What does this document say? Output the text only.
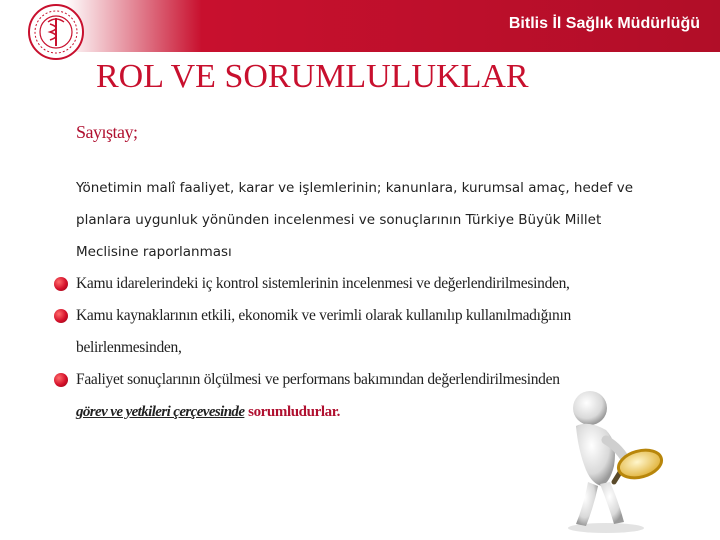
Bitlis İl Sağlık Müdürlüğü
ROL VE SORUMLULUKLAR
Sayıştay;

Yönetimin malî faaliyet, karar ve işlemlerinin; kanunlara, kurumsal amaç, hedef ve

planlara uygunluk yönünden incelenmesi ve sonuçlarının Türkiye Büyük Millet

Meclisine raporlanması

Kamu idarelerindeki iç kontrol sistemlerinin incelenmesi ve değerlendirilmesinden,
Kamu kaynaklarının etkili, ekonomik ve verimli olarak kullanılıp kullanılmadığının
belirlenmesinden,
Faaliyet sonuçlarının ölçülmesi ve performans bakımından değerlendirilmesinden
görev ve yetkileri çerçevesinde sorumludurlar.
